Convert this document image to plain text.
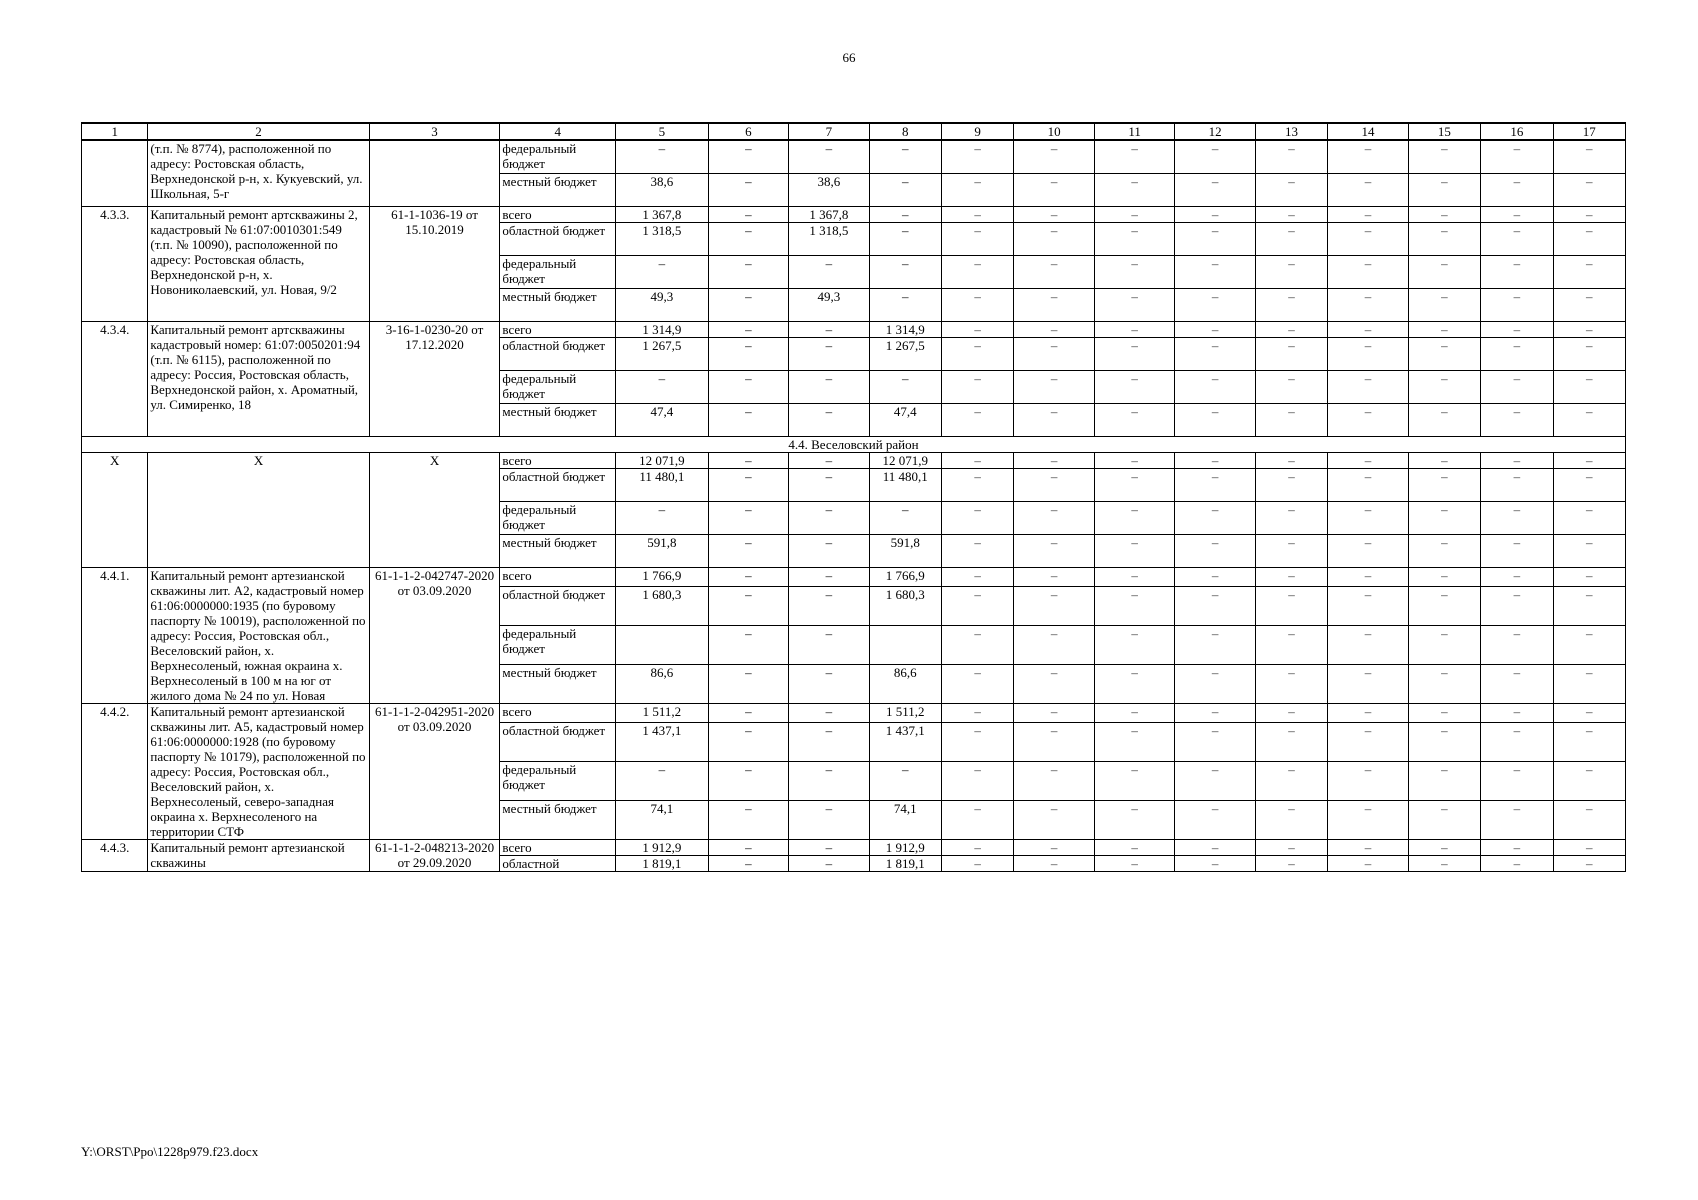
66
1	2	3	4	5	6	7	8	9	10	11	12	13	14	15	16	17
	(т.п. № 8774), расположенной по адресу: Ростовская область, Верхнедонской р-н, х. Кукуевский, ул. Школьная, 5-г		федеральный бюджет	–	–	–	–	–	–	–	–	–	–	–	–	–
			местный бюджет	38,6	–	38,6	–	–	–	–	–	–	–	–	–	–
4.3.3.	Капитальный ремонт артскважины 2, кадастровый № 61:07:0010301:549 (т.п. № 10090), расположенной по адресу: Ростовская область, Верхнедонской р-н, х. Новониколаевский, ул. Новая, 9/2	61-1-1036-19 от 15.10.2019	всего	1 367,8	–	1 367,8	–	–	–	–	–	–	–	–	–	–
			областной бюджет	1 318,5	–	1 318,5	–	–	–	–	–	–	–	–	–	–
			федеральный бюджет	–	–	–	–	–	–	–	–	–	–	–	–	–
			местный бюджет	49,3	–	49,3	–	–	–	–	–	–	–	–	–	–
4.3.4.	Капитальный ремонт артскважины кадастровый номер: 61:07:0050201:94 (т.п. № 6115), расположенной по адресу: Россия, Ростовская область, Верхнедонской район, х. Ароматный, ул. Симиренко, 18	3-16-1-0230-20 от 17.12.2020	всего	1 314,9	–	–	1 314,9	–	–	–	–	–	–	–	–	–
			областной бюджет	1 267,5	–	–	1 267,5	–	–	–	–	–	–	–	–	–
			федеральный бюджет	–	–	–	–	–	–	–	–	–	–	–	–	–
			местный бюджет	47,4	–	–	47,4	–	–	–	–	–	–	–	–	–
4.4. Веселовский район																
X	X	X	всего	12 071,9	–	–	12 071,9	–	–	–	–	–	–	–	–	–
			областной бюджет	11 480,1	–	–	11 480,1	–	–	–	–	–	–	–	–	–
			федеральный бюджет	–	–	–	–	–	–	–	–	–	–	–	–	–
			местный бюджет	591,8	–	–	591,8	–	–	–	–	–	–	–	–	–
4.4.1.	Капитальный ремонт артезианской скважины лит. А2, кадастровый номер 61:06:0000000:1935 (по буровому паспорту № 10019), расположенной по адресу: Россия, Ростовская обл., Веселовский район, х. Верхнесоленый, южная окраина х. Верхнесоленый в 100 м на юг от жилого дома № 24 по ул. Новая	61-1-1-2-042747-2020 от 03.09.2020	всего	1 766,9	–	–	1 766,9	–	–	–	–	–	–	–	–	–
			областной бюджет	1 680,3	–	–	1 680,3	–	–	–	–	–	–	–	–	–
			федеральный бюджет		–	–		–	–	–	–	–	–	–	–	–
			местный бюджет	86,6	–	–	86,6	–	–	–	–	–	–	–	–	–
4.4.2.	Капитальный ремонт артезианской скважины лит. А5, кадастровый номер 61:06:0000000:1928 (по буровому паспорту № 10179), расположенной по адресу: Россия, Ростовская обл., Веселовский район, х. Верхнесоленый, северо-западная окраина х. Верхнесоленого на территории СТФ	61-1-1-2-042951-2020 от 03.09.2020	всего	1 511,2	–	–	1 511,2	–	–	–	–	–	–	–	–	–
			областной бюджет	1 437,1	–	–	1 437,1	–	–	–	–	–	–	–	–	–
			федеральный бюджет	–	–	–	–	–	–	–	–	–	–	–	–	–
			местный бюджет	74,1	–	–	74,1	–	–	–	–	–	–	–	–	–
4.4.3.	Капитальный ремонт артезианской скважины	61-1-1-2-048213-2020 от 29.09.2020	всего	1 912,9	–	–	1 912,9	–	–	–	–	–	–	–	–	–
			областной	1 819,1	–	–	1 819,1	–	–	–	–	–	–	–	–	–
Y:\ORST\Ppo\1228p979.f23.docx
